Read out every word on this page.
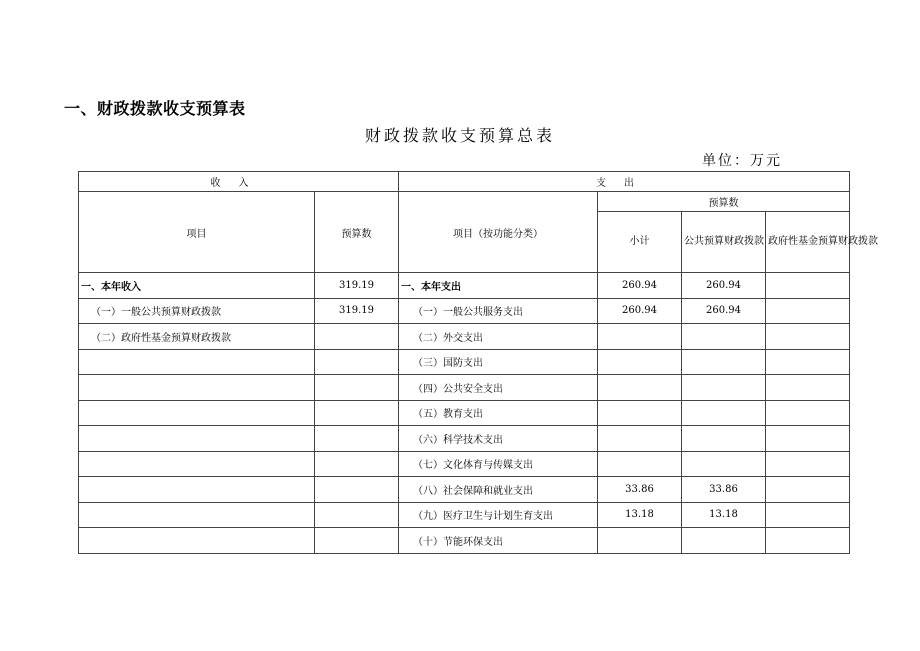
一、财政拨款收支预算表
财政拨款收支预算总表
单位：万元
收入		支出			
项目	预算数	项目（按功能分类）	预算数		
			小计	公共预算财政拨款	政府性基金预算财政拨款
一、本年收入	319.19	一、本年支出	260.94	260.94	
（一）一般公共预算财政拨款	319.19	（一）一般公共服务支出	260.94	260.94	
（二）政府性基金预算财政拨款		（二）外交支出			
		（三）国防支出			
		（四）公共安全支出			
		（五）教育支出			
		（六）科学技术支出			
		（七）文化体育与传媒支出			
		（八）社会保障和就业支出	33.86	33.86	
		（九）医疗卫生与计划生育支出	13.18	13.18	
		（十）节能环保支出			
